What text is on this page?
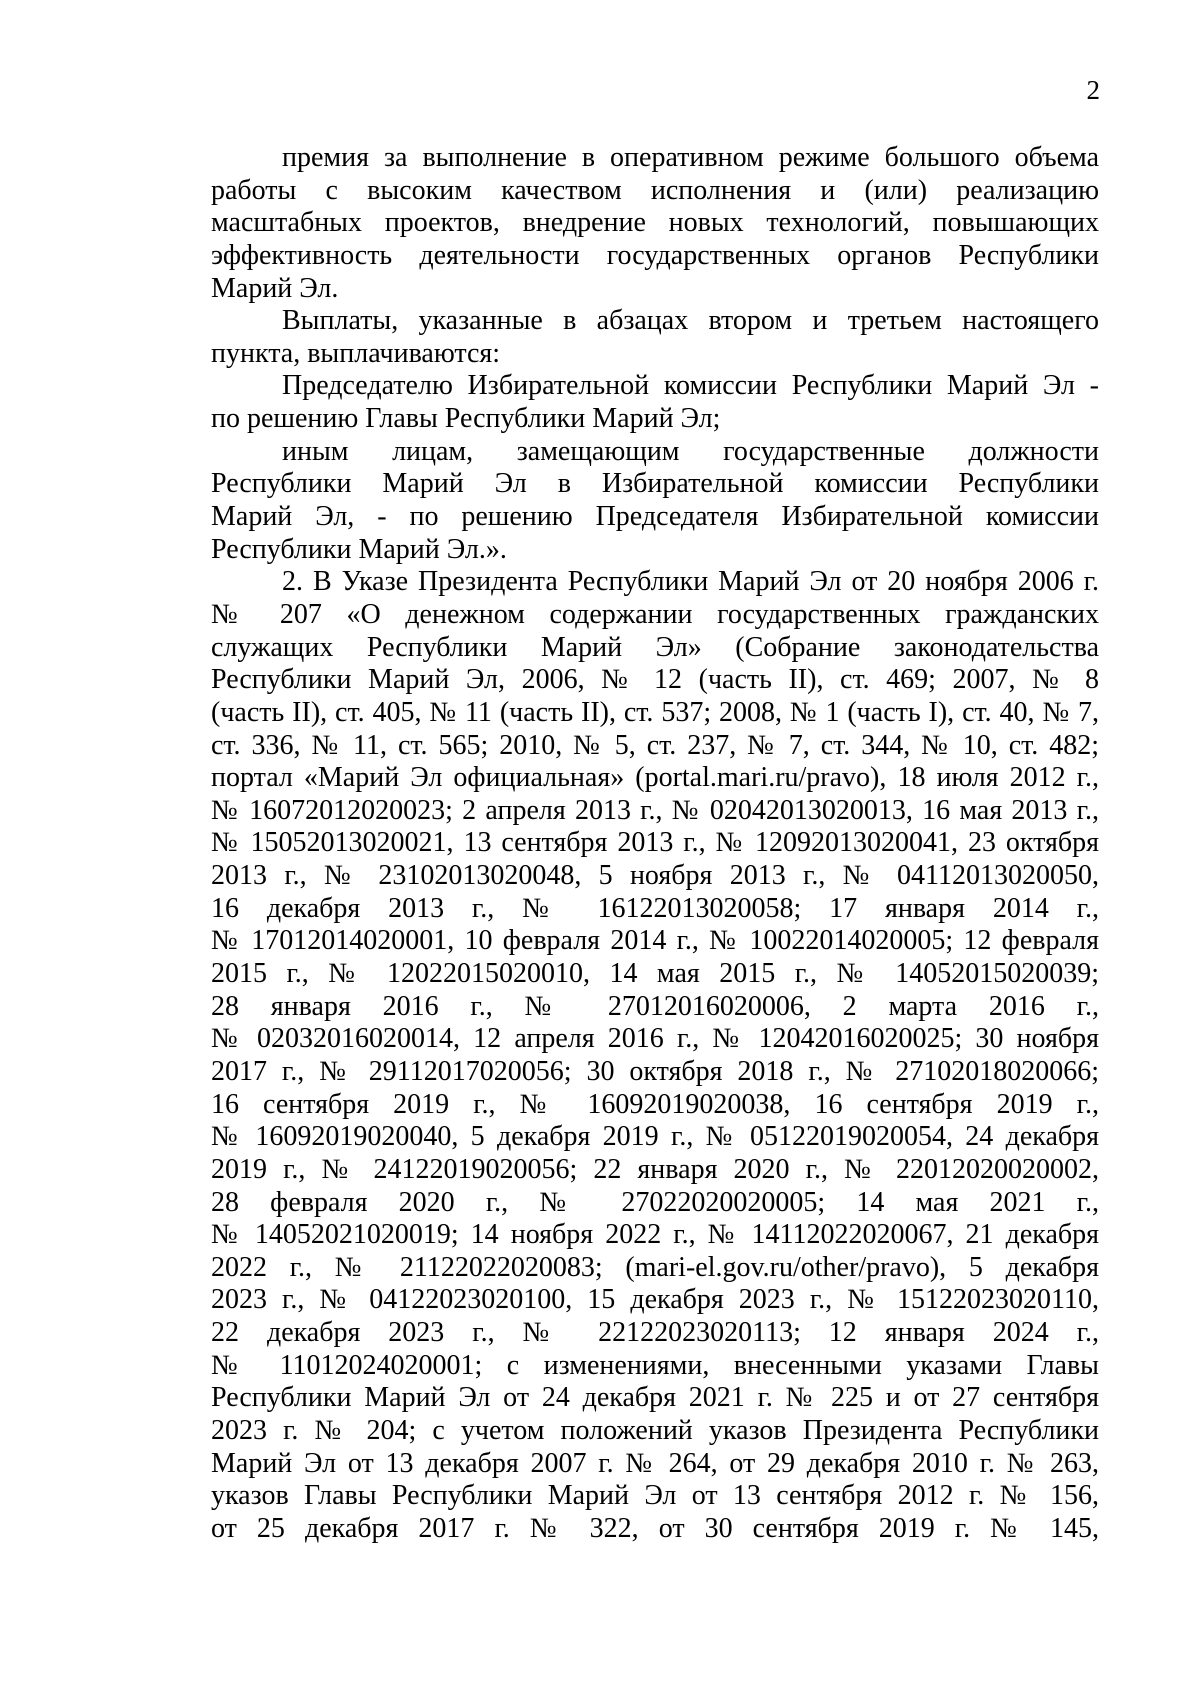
2
премия за выполнение в оперативном режиме большого объема
работы с высоким качеством исполнения и (или) реализацию
масштабных проектов, внедрение новых технологий, повышающих
эффективность деятельности государственных органов Республики
Марий Эл.
Выплаты, указанные в абзацах втором и третьем настоящего
пункта, выплачиваются:
Председателю Избирательной комиссии Республики Марий Эл -
по решению Главы Республики Марий Эл;
иным лицам, замещающим государственные должности
Республики Марий Эл в Избирательной комиссии Республики
Марий Эл, - по решению Председателя Избирательной комиссии
Республики Марий Эл.».
2. В Указе Президента Республики Марий Эл от 20 ноября 2006 г.
№ 207 «О денежном содержании государственных гражданских
служащих Республики Марий Эл» (Собрание законодательства
Республики Марий Эл, 2006, № 12 (часть II), ст. 469; 2007, № 8
(часть II), ст. 405, № 11 (часть II), ст. 537; 2008, № 1 (часть I), ст. 40, № 7,
ст. 336, № 11, ст. 565; 2010, № 5, ст. 237, № 7, ст. 344, № 10, ст. 482;
портал «Марий Эл официальная» (portal.mari.ru/pravo), 18 июля 2012 г.,
№ 16072012020023; 2 апреля 2013 г., № 02042013020013, 16 мая 2013 г.,
№ 15052013020021, 13 сентября 2013 г., № 12092013020041, 23 октября
2013 г., № 23102013020048, 5 ноября 2013 г., № 04112013020050,
16 декабря 2013 г., № 16122013020058; 17 января 2014 г.,
№ 17012014020001, 10 февраля 2014 г., № 10022014020005; 12 февраля
2015 г., № 12022015020010, 14 мая 2015 г., № 14052015020039;
28 января 2016 г., № 27012016020006, 2 марта 2016 г.,
№ 02032016020014, 12 апреля 2016 г., № 12042016020025; 30 ноября
2017 г., № 29112017020056; 30 октября 2018 г., № 27102018020066;
16 сентября 2019 г., № 16092019020038, 16 сентября 2019 г.,
№ 16092019020040, 5 декабря 2019 г., № 05122019020054, 24 декабря
2019 г., № 24122019020056; 22 января 2020 г., № 22012020020002,
28 февраля 2020 г., № 27022020020005; 14 мая 2021 г.,
№ 14052021020019; 14 ноября 2022 г., № 14112022020067, 21 декабря
2022 г., № 21122022020083; (mari-el.gov.ru/other/pravo), 5 декабря
2023 г., № 04122023020100, 15 декабря 2023 г., № 15122023020110,
22 декабря 2023 г., № 22122023020113; 12 января 2024 г.,
№ 11012024020001; с изменениями, внесенными указами Главы
Республики Марий Эл от 24 декабря 2021 г. № 225 и от 27 сентября
2023 г. № 204; с учетом положений указов Президента Республики
Марий Эл от 13 декабря 2007 г. № 264, от 29 декабря 2010 г. № 263,
указов Главы Республики Марий Эл от 13 сентября 2012 г. № 156,
от 25 декабря 2017 г. № 322, от 30 сентября 2019 г. № 145,
